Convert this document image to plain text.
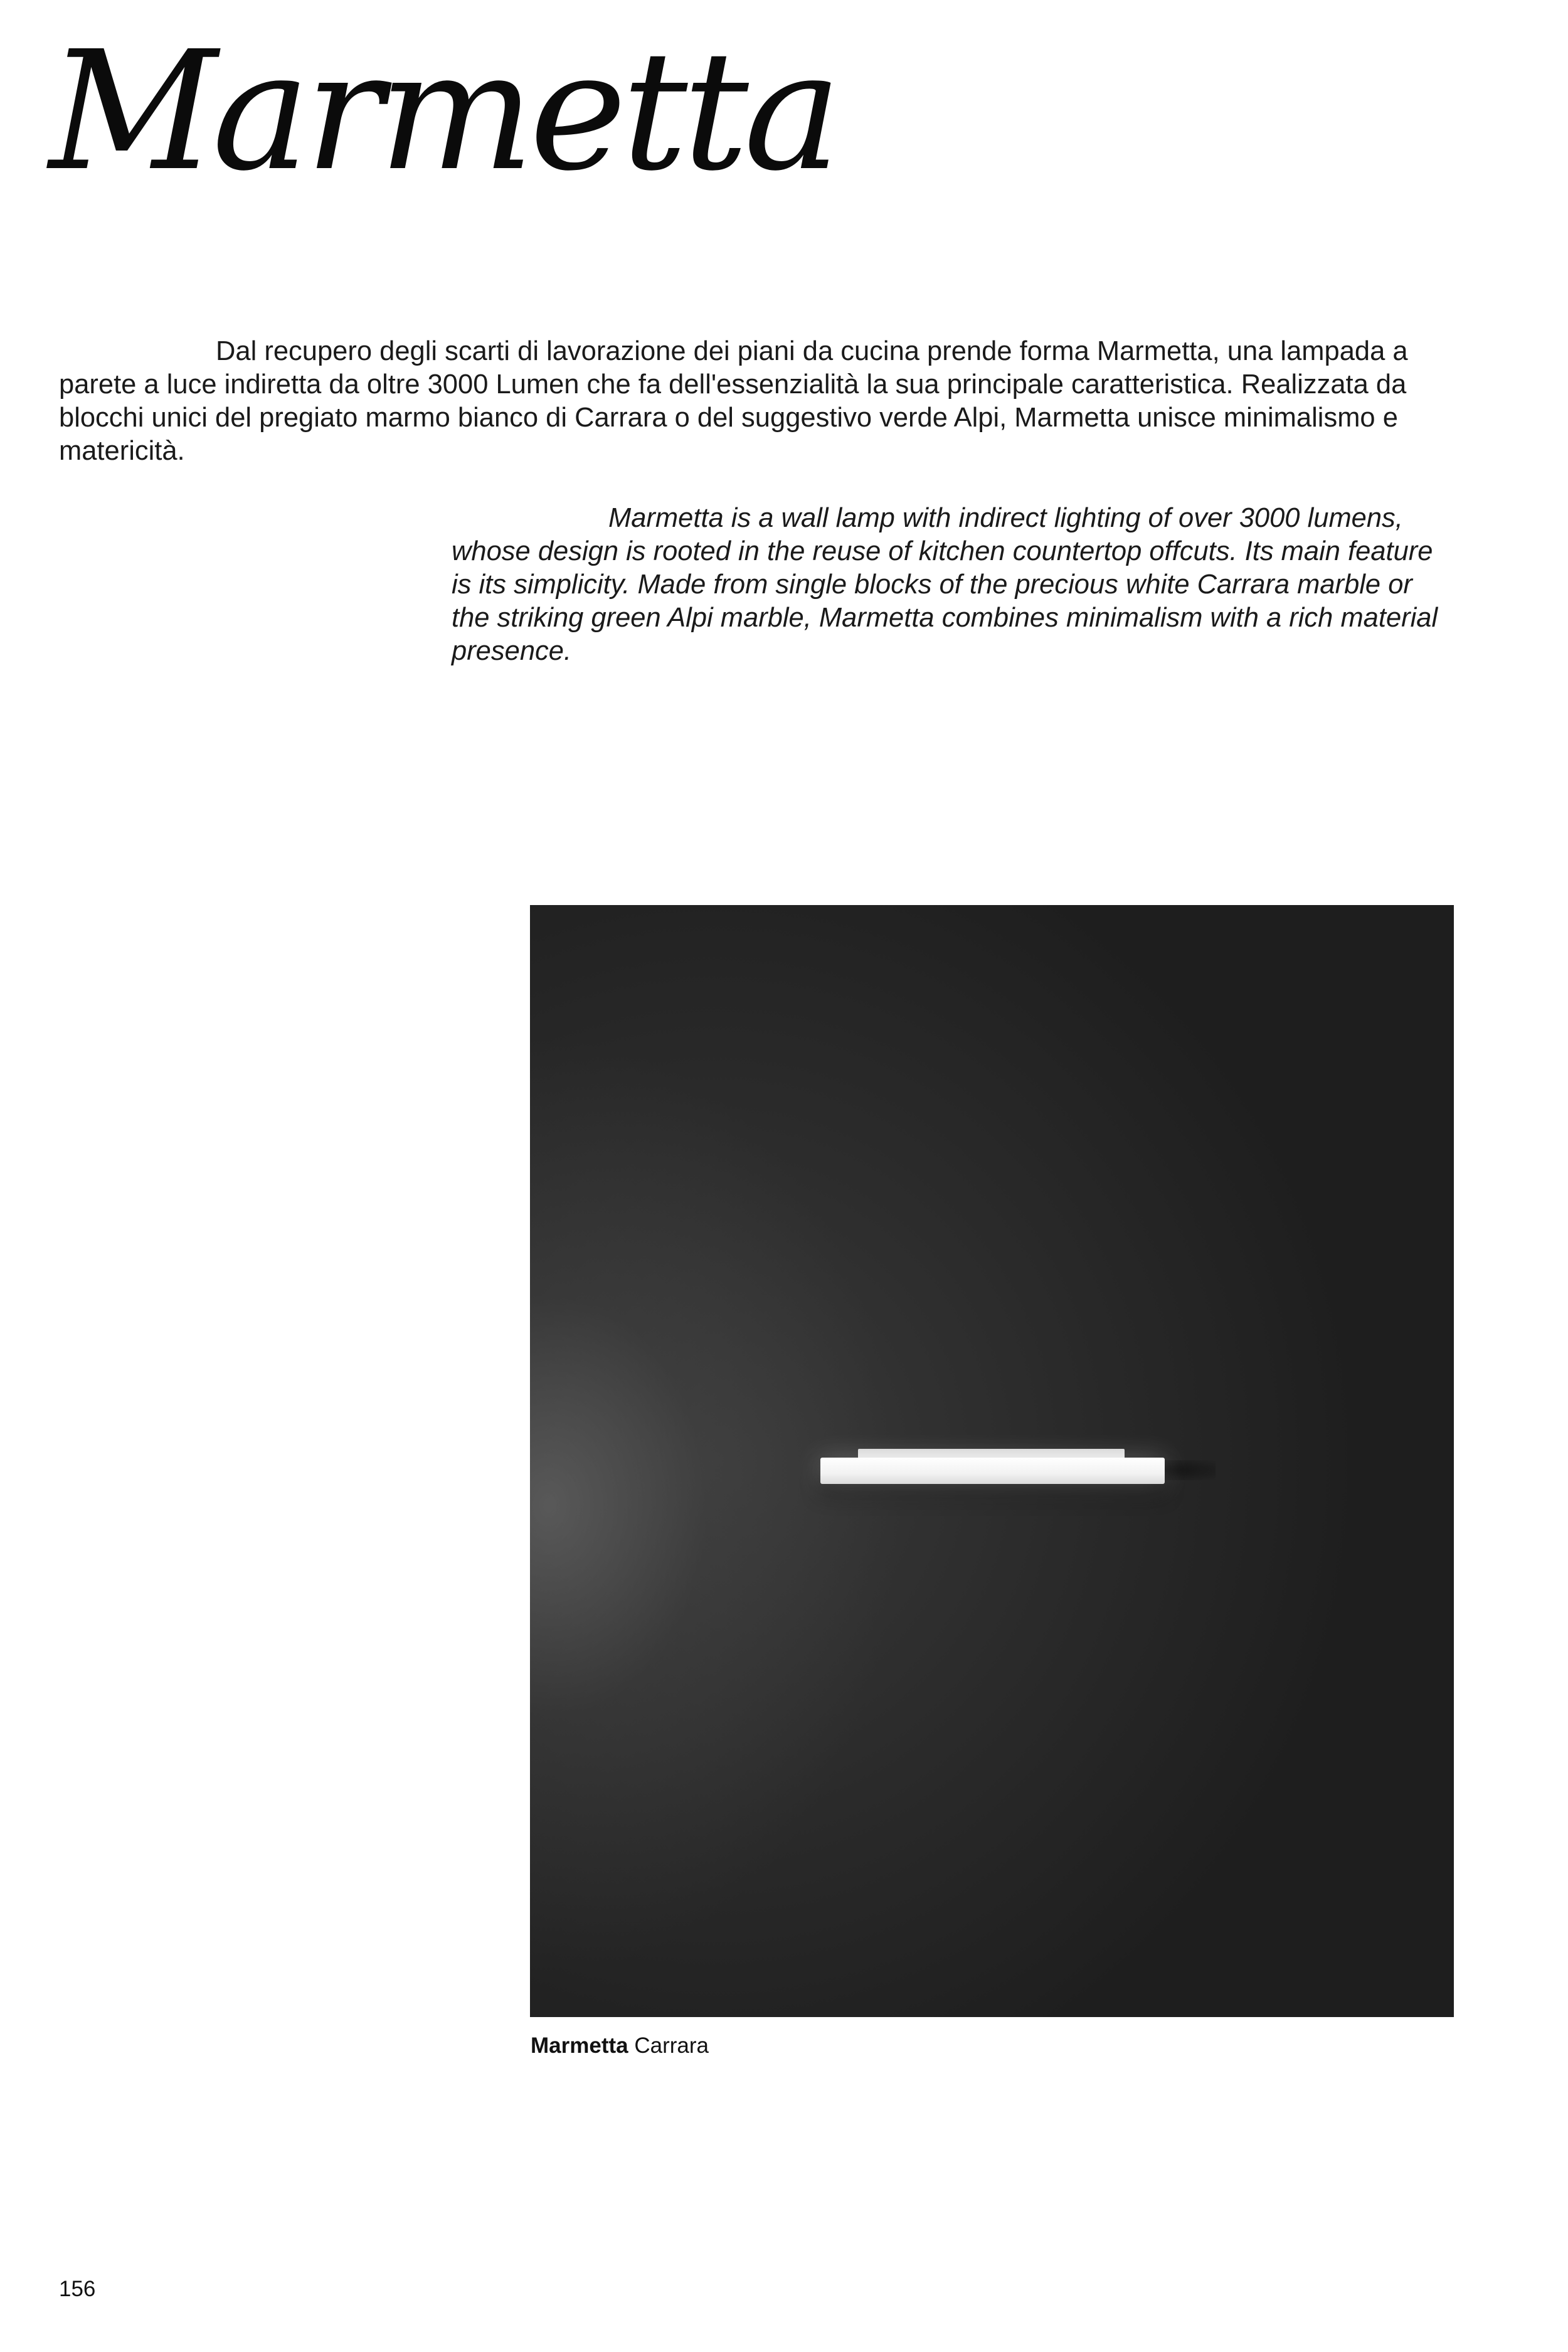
Marmetta

Dal recupero degli scarti di lavorazione dei piani da cucina prende forma Marmetta, una lampada a parete a luce indiretta da oltre 3000 Lumen che fa dell'essenzialità la sua principale caratteristica. Realizzata da blocchi unici del pregiato marmo bianco di Carrara o del suggestivo verde Alpi, Marmetta unisce minimalismo e matericità.

Marmetta is a wall lamp with indirect lighting of over 3000 lumens, whose design is rooted in the reuse of kitchen countertop offcuts. Its main feature is its simplicity. Made from single blocks of the precious white Carrara marble or the striking green Alpi marble, Marmetta combines minimalism with a rich material presence.

Marmetta Carrara

156
